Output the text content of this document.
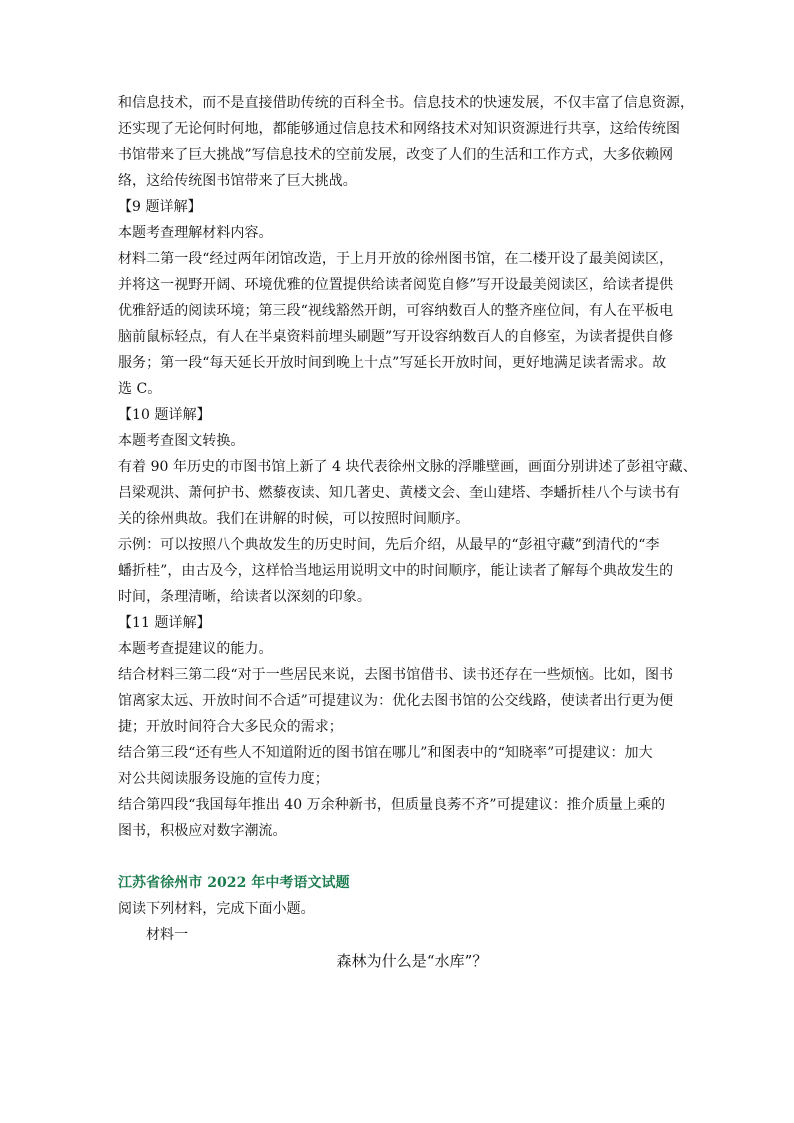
和信息技术，而不是直接借助传统的百科全书。信息技术的快速发展，不仅丰富了信息资源，
还实现了无论何时何地，都能够通过信息技术和网络技术对知识资源进行共享，这给传统图
书馆带来了巨大挑战”写信息技术的空前发展，改变了人们的生活和工作方式，大多依赖网
络，这给传统图书馆带来了巨大挑战。
【9 题详解】
本题考查理解材料内容。
材料二第一段“经过两年闭馆改造，于上月开放的徐州图书馆，在二楼开设了最美阅读区，
并将这一视野开阔、环境优雅的位置提供给读者阅览自修”写开设最美阅读区，给读者提供
优雅舒适的阅读环境；第三段“视线豁然开朗，可容纳数百人的整齐座位间，有人在平板电
脑前鼠标轻点，有人在半桌资料前埋头刷题”写开设容纳数百人的自修室，为读者提供自修
服务；第一段“每天延长开放时间到晚上十点”写延长开放时间，更好地满足读者需求。故
选 C。
【10 题详解】
本题考查图文转换。
有着 90 年历史的市图书馆上新了 4 块代表徐州文脉的浮雕壁画，画面分别讲述了彭祖守藏、
吕梁观洪、萧何护书、燃藜夜读、知几著史、黄楼文会、奎山建塔、李蟠折桂八个与读书有
关的徐州典故。我们在讲解的时候，可以按照时间顺序。
示例：可以按照八个典故发生的历史时间，先后介绍，从最早的“彭祖守藏”到清代的“李
蟠折桂”，由古及今，这样恰当地运用说明文中的时间顺序，能让读者了解每个典故发生的
时间，条理清晰，给读者以深刻的印象。
【11 题详解】
本题考查提建议的能力。
结合材料三第二段“对于一些居民来说，去图书馆借书、读书还存在一些烦恼。比如，图书
馆离家太远、开放时间不合适”可提建议为：优化去图书馆的公交线路，使读者出行更为便
捷；开放时间符合大多民众的需求；
结合第三段“还有些人不知道附近的图书馆在哪儿”和图表中的“知晓率”可提建议：加大
对公共阅读服务设施的宣传力度；
结合第四段“我国每年推出 40 万余种新书，但质量良莠不齐”可提建议：推介质量上乘的
图书，积极应对数字潮流。
江苏省徐州市 2022 年中考语文试题
阅读下列材料，完成下面小题。
材料一
森林为什么是“水库”？
